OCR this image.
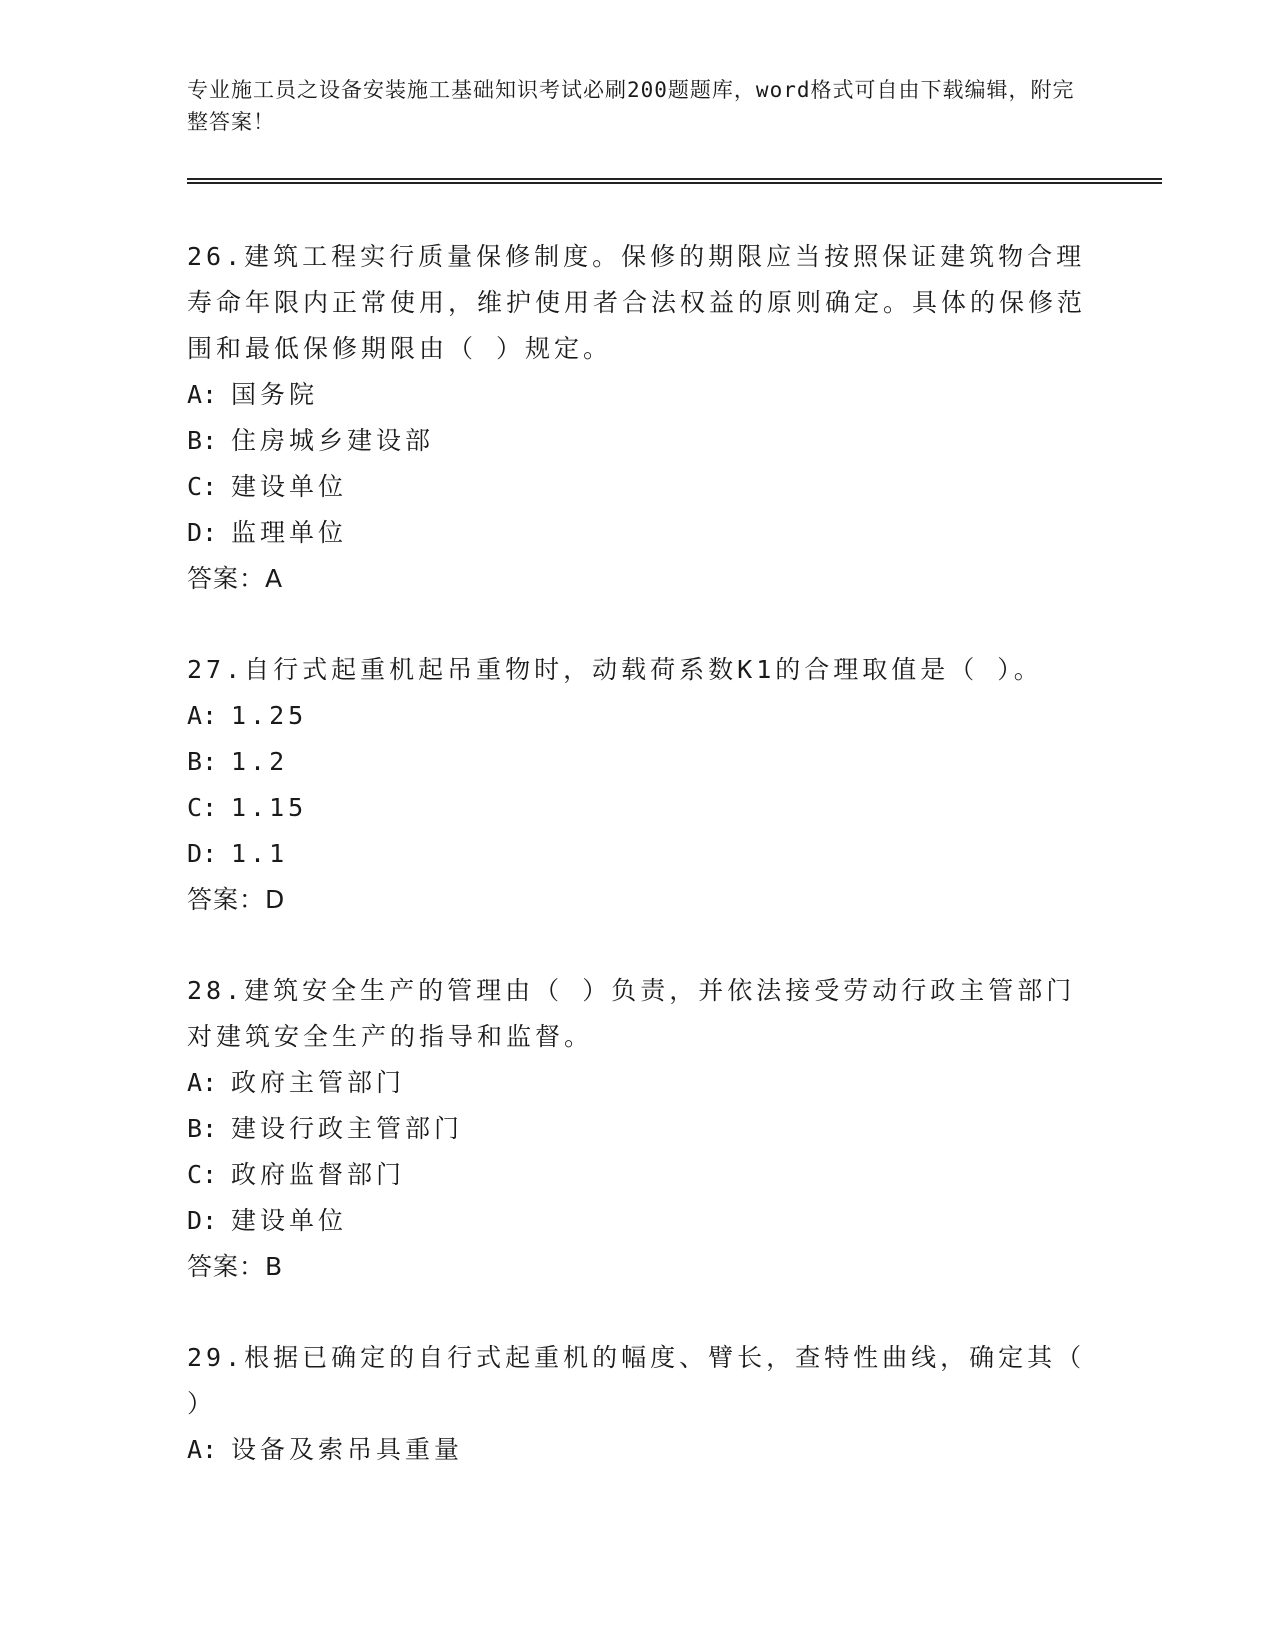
专业施工员之设备安装施工基础知识考试必刷200题题库，word格式可自由下载编辑，附完整答案！
26.建筑工程实行质量保修制度。保修的期限应当按照保证建筑物合理寿命年限内正常使用，维护使用者合法权益的原则确定。具体的保修范围和最低保修期限由（ ）规定。
A: 国务院
B: 住房城乡建设部
C: 建设单位
D: 监理单位
答案：A
27.自行式起重机起吊重物时，动载荷系数K1的合理取值是（ ）。
A: 1.25
B: 1.2
C: 1.15
D: 1.1
答案：D
28.建筑安全生产的管理由（ ）负责，并依法接受劳动行政主管部门对建筑安全生产的指导和监督。
A: 政府主管部门
B: 建设行政主管部门
C: 政府监督部门
D: 建设单位
答案：B
29.根据已确定的自行式起重机的幅度、臂长，查特性曲线，确定其（ ）
A: 设备及索吊具重量
